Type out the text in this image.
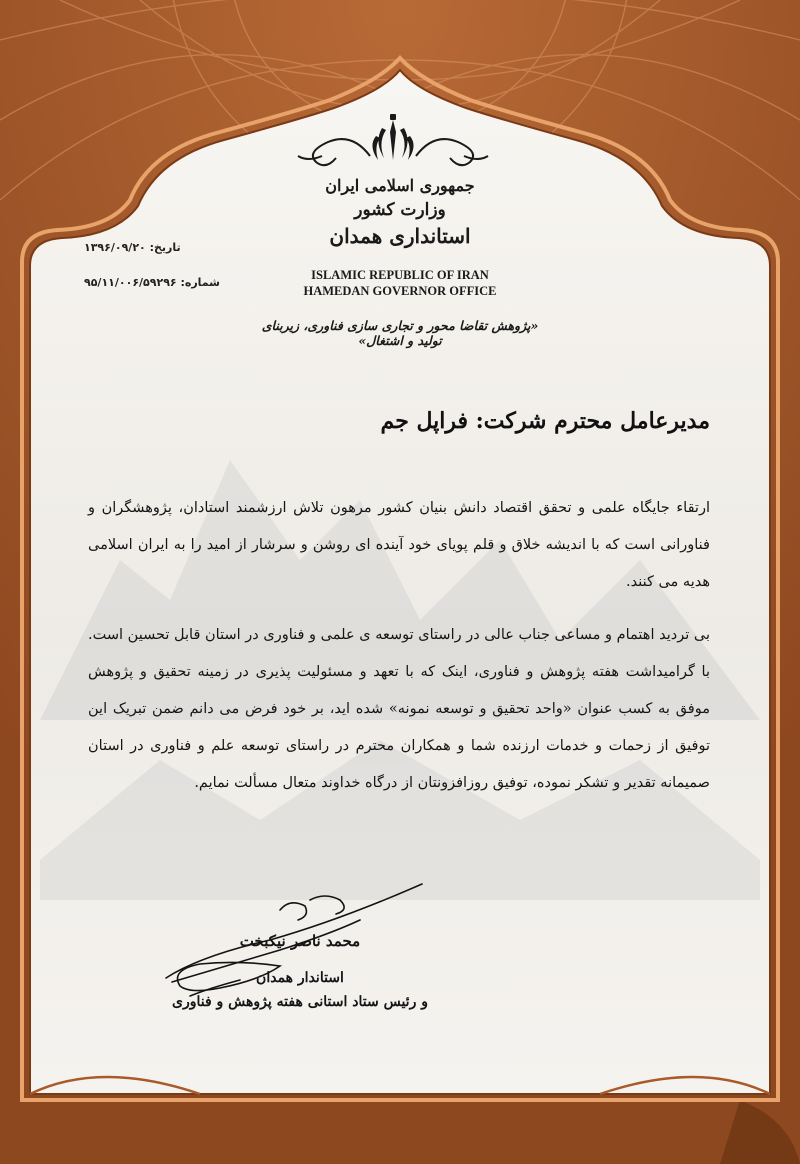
جمهوری اسلامی ایران
وزارت کشور
استانداری همدان
ISLAMIC REPUBLIC OF IRAN
HAMEDAN GOVERNOR OFFICE
تاریخ: ۱۳۹۶/۰۹/۲۰
شماره: ۹۵/۱۱/۰۰۶/۵۹۲۹۶
«پژوهش تقاضا محور و تجاری سازی فناوری، زیربنای تولید و اشتغال»
مدیرعامل محترم شرکت: فراپل جم

ارتقاء جایگاه علمی و تحقق اقتصاد دانش بنیان کشور مرهون تلاش ارزشمند استادان، پژوهشگران و فناورانی است که با اندیشه خلاق و قلم پویای خود آینده ای روشن و سرشار از امید را به ایران اسلامی هدیه می کنند.

بی تردید اهتمام و مساعی جناب عالی در راستای توسعه ی علمی و فناوری در استان قابل تحسین است. با گرامیداشت هفته پژوهش و فناوری، اینک که با تعهد و مسئولیت پذیری در زمینه تحقیق و پژوهش موفق به کسب عنوان «واحد تحقیق و توسعه نمونه» شده اید، بر خود فرض می دانم ضمن تبریک این توفیق از زحمات و خدمات ارزنده شما و همکاران محترم در راستای توسعه علم و فناوری در استان صمیمانه تقدیر و تشکر نموده، توفیق روزافزونتان از درگاه خداوند متعال مسألت نمایم.

محمد ناصر نیکبخت
استاندار همدان
و رئیس ستاد استانی هفته پژوهش و فناوری
